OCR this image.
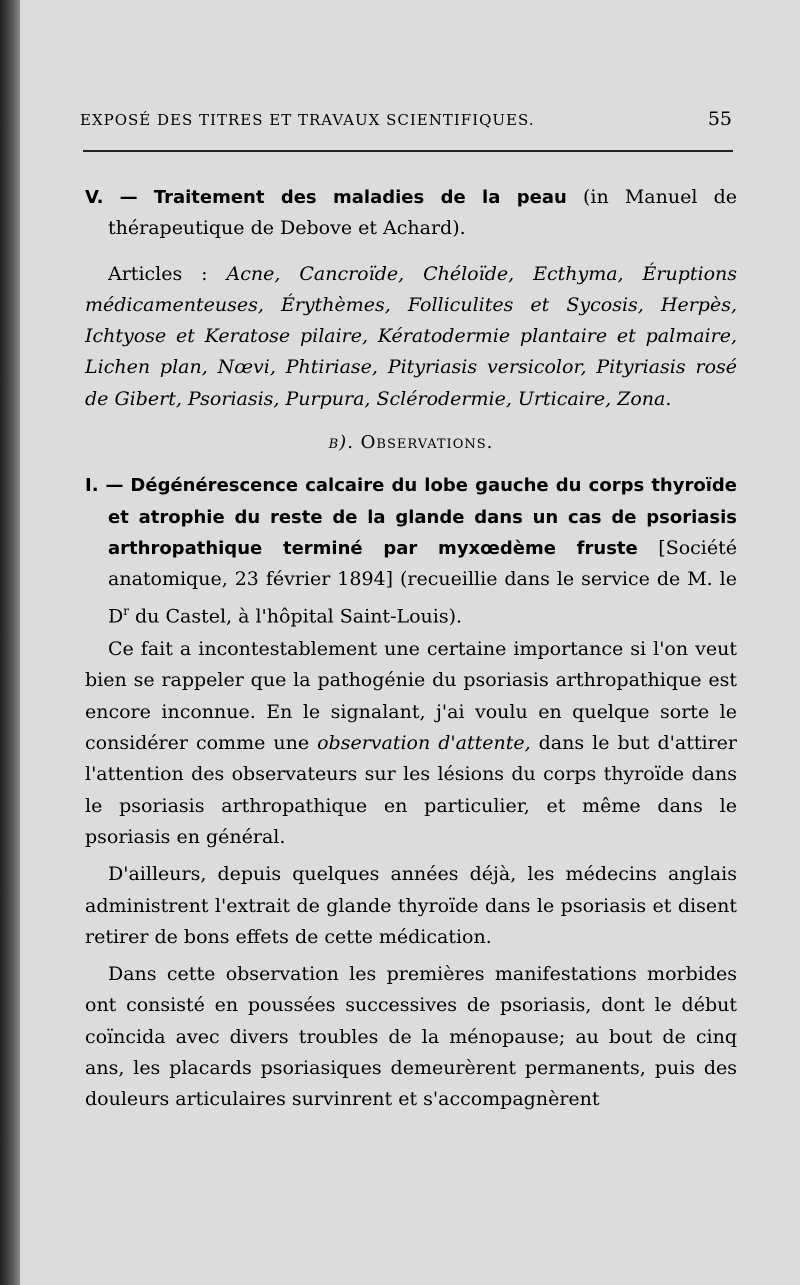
EXPOSÉ DES TITRES ET TRAVAUX SCIENTIFIQUES.	55

V. — Traitement des maladies de la peau (in Manuel de thérapeutique de Debove et Achard).

Articles : Acne, Cancroïde, Chéloïde, Ecthyma, Éruptions médicamenteuses, Érythèmes, Folliculites et Sycosis, Herpès, Ichtyose et Keratose pilaire, Kératodermie plantaire et palmaire, Lichen plan, Nœvi, Phtiriase, Pityriasis versicolor, Pityriasis rosé de Gibert, Psoriasis, Purpura, Sclérodermie, Urticaire, Zona.

b). Observations.

I. — Dégénérescence calcaire du lobe gauche du corps thyroïde et atrophie du reste de la glande dans un cas de psoriasis arthropathique terminé par myxœdème fruste [Société anatomique, 23 février 1894] (recueillie dans le service de M. le D$^r$ du Castel, à l'hôpital Saint-Louis).

Ce fait a incontestablement une certaine importance si l'on veut bien se rappeler que la pathogénie du psoriasis arthropathique est encore inconnue. En le signalant, j'ai voulu en quelque sorte le considérer comme une observation d'attente, dans le but d'attirer l'attention des observateurs sur les lésions du corps thyroïde dans le psoriasis arthropathique en particulier, et même dans le psoriasis en général.

D'ailleurs, depuis quelques années déjà, les médecins anglais administrent l'extrait de glande thyroïde dans le psoriasis et disent retirer de bons effets de cette médication.

Dans cette observation les premières manifestations morbides ont consisté en poussées successives de psoriasis, dont le début coïncida avec divers troubles de la ménopause; au bout de cinq ans, les placards psoriasiques demeurèrent permanents, puis des douleurs articulaires survinrent et s'accompagnèrent
